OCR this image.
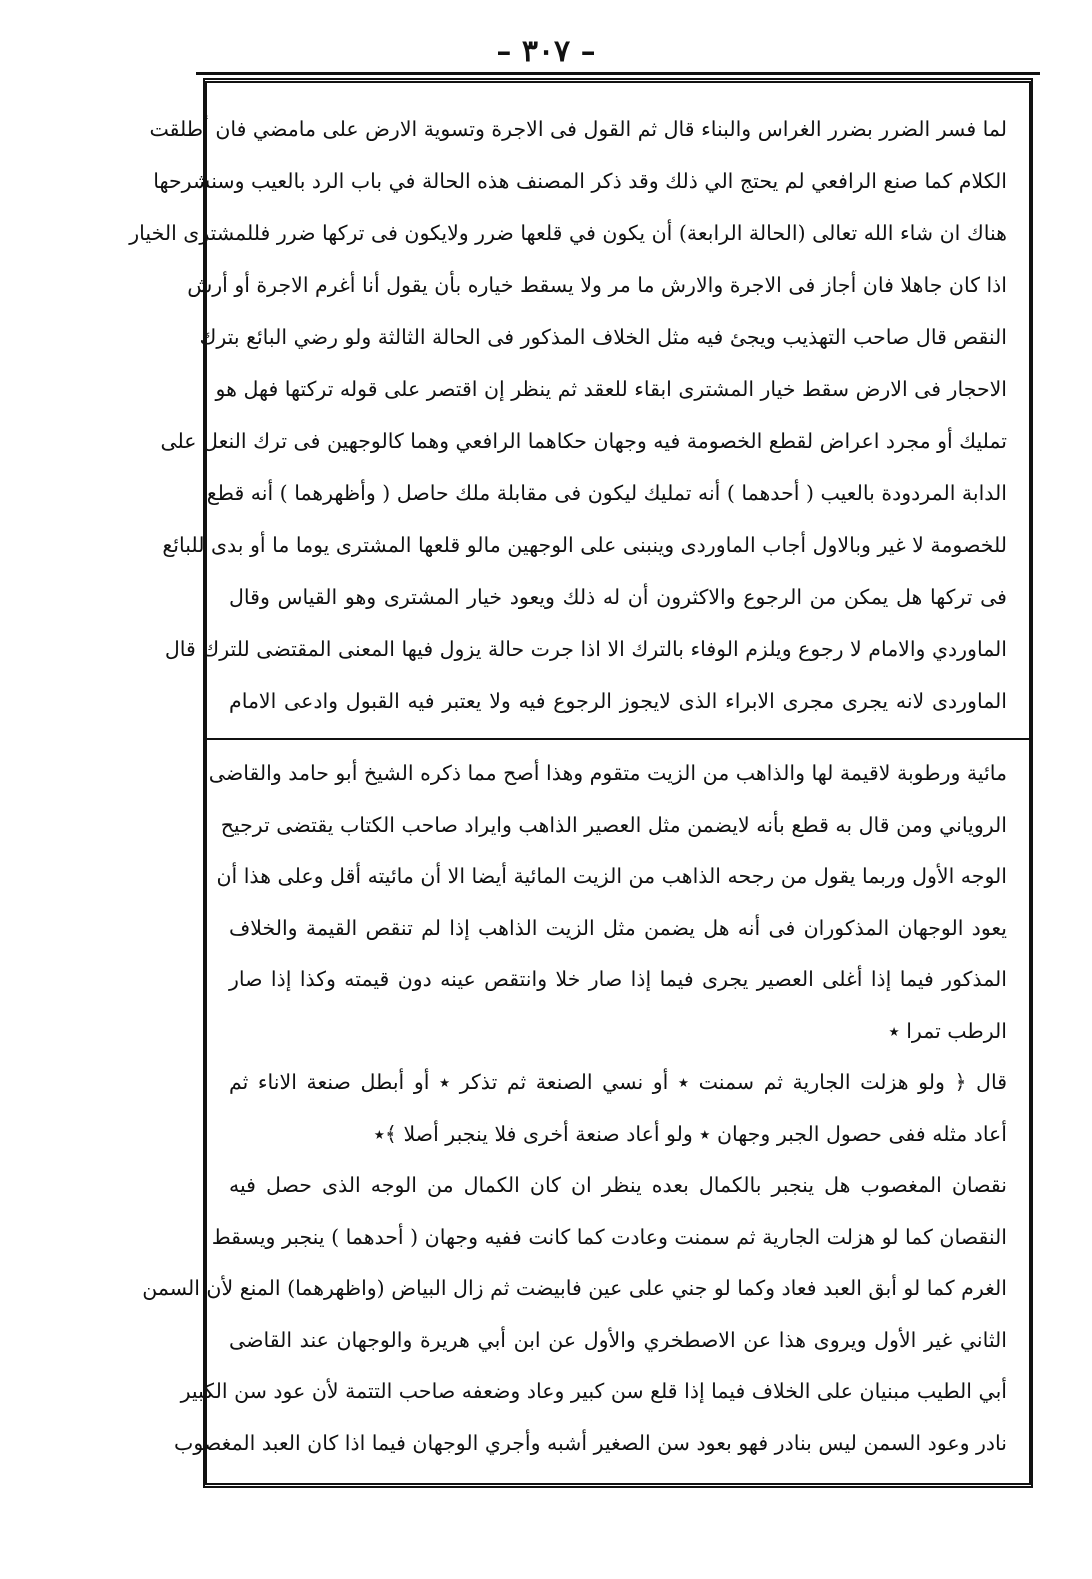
– ٣٠٧ –
لما فسر الضرر بضرر الغراس والبناء قال ثم القول فى الاجرة وتسوية الارض على مامضي فان أطلقت
الكلام كما صنع الرافعي لم يحتج الي ذلك وقد ذكر المصنف هذه الحالة في باب الرد بالعيب وسنشرحها
هناك ان شاء الله تعالى (الحالة الرابعة) أن يكون في قلعها ضرر ولايكون فى تركها ضرر فللمشترى الخيار
اذا كان جاهلا فان أجاز فى الاجرة والارش ما مر ولا يسقط خياره بأن يقول أنا أغرم الاجرة أو أرش
النقص قال صاحب التهذيب ويجئ فيه مثل الخلاف المذكور فى الحالة الثالثة ولو رضي البائع بترك
الاحجار فى الارض سقط خيار المشترى ابقاء للعقد ثم ينظر إن اقتصر على قوله تركتها فهل هو
تمليك أو مجرد اعراض لقطع الخصومة فيه وجهان حكاهما الرافعي وهما كالوجهين فى ترك النعل على
الدابة المردودة بالعيب ( أحدهما ) أنه تمليك ليكون فى مقابلة ملك حاصل ( وأظهرهما ) أنه قطع
للخصومة لا غير وبالاول أجاب الماوردى وينبنى على الوجهين مالو قلعها المشترى يوما ما أو بدى للبائع
فى تركها هل يمكن من الرجوع والاكثرون أن له ذلك ويعود خيار المشترى وهو القياس وقال
الماوردي والامام لا رجوع ويلزم الوفاء بالترك الا اذا جرت حالة يزول فيها المعنى المقتضى للترك قال
الماوردى لانه يجرى مجرى الابراء الذى لايجوز الرجوع فيه ولا يعتبر فيه القبول وادعى الامام
مائية ورطوبة لاقيمة لها والذاهب من الزيت متقوم وهذا أصح مما ذكره الشيخ أبو حامد والقاضى
الروياني ومن قال به قطع بأنه لايضمن مثل العصير الذاهب وايراد صاحب الكتاب يقتضى ترجيح
الوجه الأول وربما يقول من رجحه الذاهب من الزيت المائية أيضا الا أن مائيته أقل وعلى هذا أن
يعود الوجهان المذكوران فى أنه هل يضمن مثل الزيت الذاهب إذا لم تنقص القيمة والخلاف
المذكور فيما إذا أغلى العصير يجرى فيما إذا صار خلا وانتقص عينه دون قيمته وكذا إذا صار
الرطب تمرا ٭
قال ﴿ ولو هزلت الجارية ثم سمنت ٭ أو نسي الصنعة ثم تذكر ٭ أو أبطل صنعة الاناء ثم
أعاد مثله ففى حصول الجبر وجهان ٭ ولو أعاد صنعة أخرى فلا ينجبر أصلا ﴾٭
نقصان المغصوب هل ينجبر بالكمال بعده ينظر ان كان الكمال من الوجه الذى حصل فيه
النقصان كما لو هزلت الجارية ثم سمنت وعادت كما كانت ففيه وجهان ( أحدهما ) ينجبر ويسقط
الغرم كما لو أبق العبد فعاد وكما لو جني على عين فابيضت ثم زال البياض (واظهرهما) المنع لأن السمن
الثاني غير الأول ويروى هذا عن الاصطخري والأول عن ابن أبي هريرة والوجهان عند القاضى
أبي الطيب مبنيان على الخلاف فيما إذا قلع سن كبير وعاد وضعفه صاحب التتمة لأن عود سن الكبير
نادر وعود السمن ليس بنادر فهو بعود سن الصغير أشبه وأجري الوجهان فيما اذا كان العبد المغصوب
